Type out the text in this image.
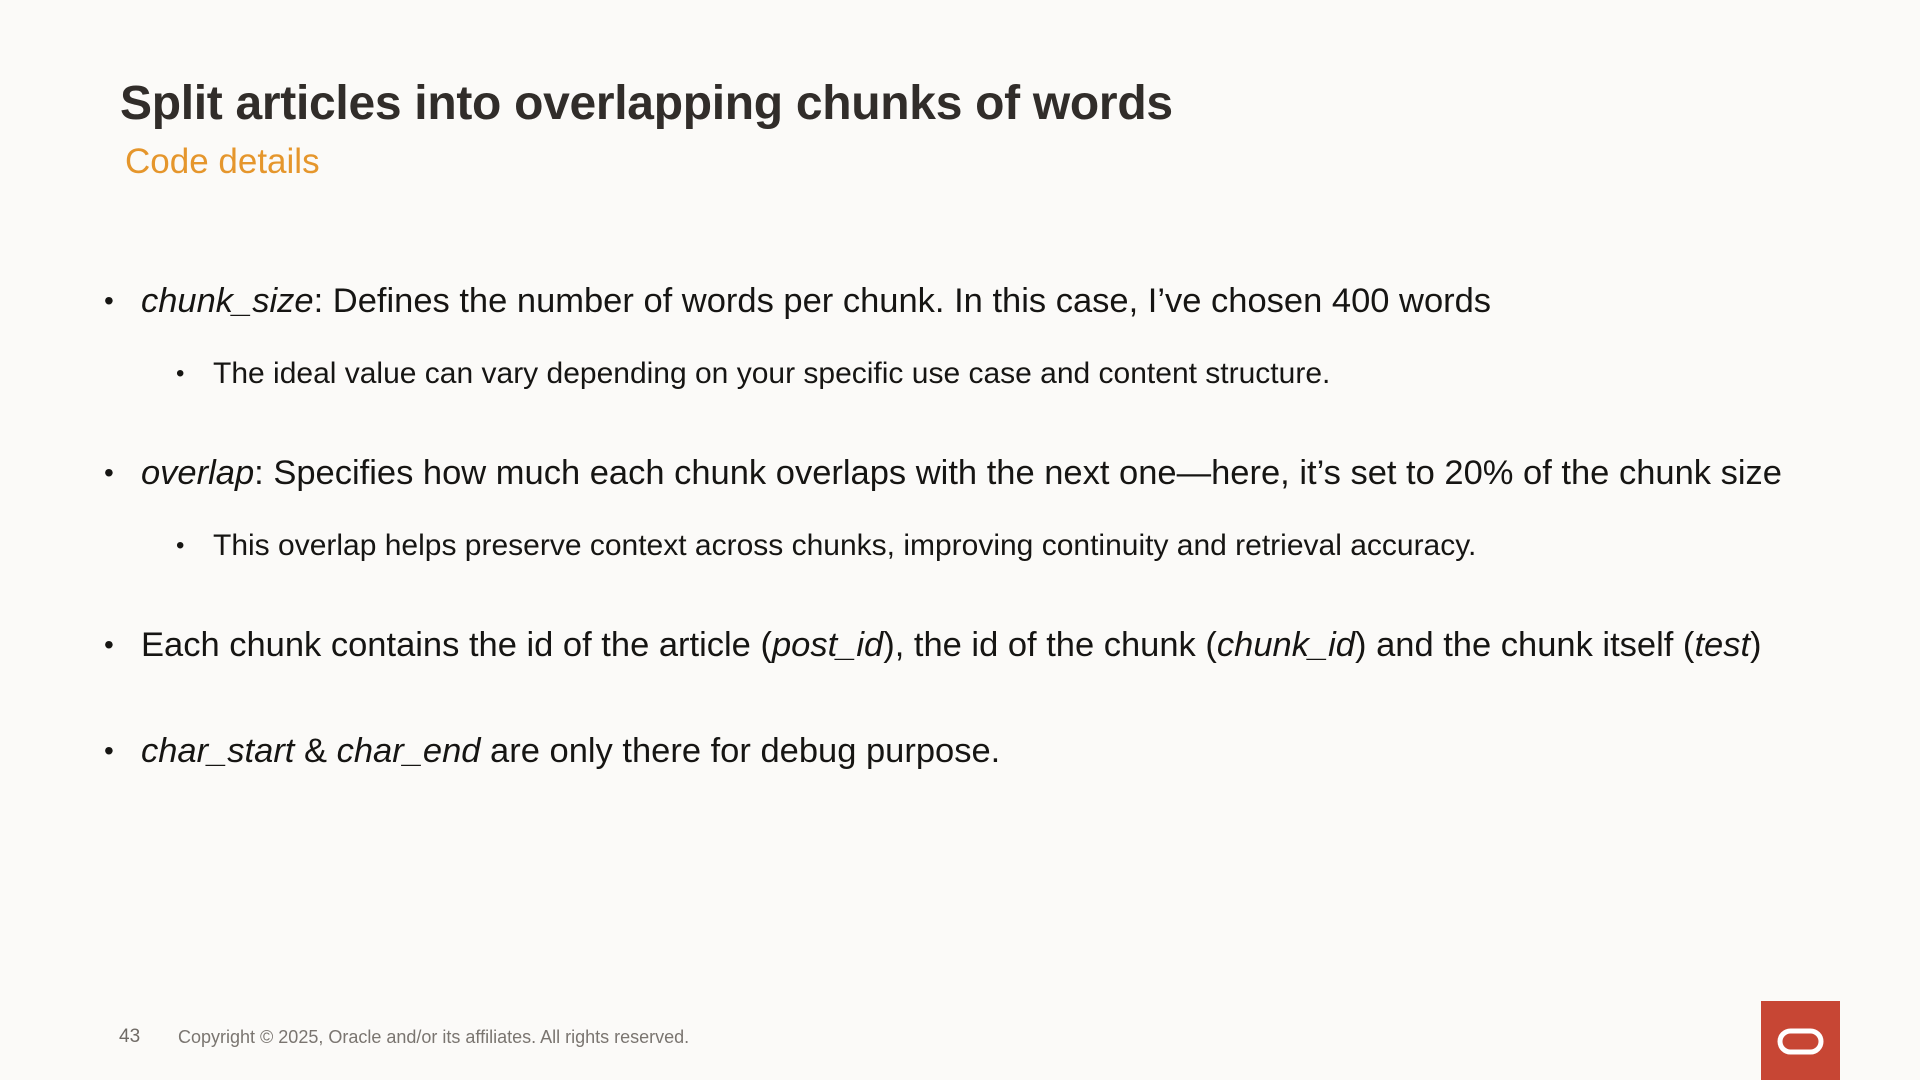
Split articles into overlapping chunks of words
Code details
• chunk_size: Defines the number of words per chunk. In this case, I’ve chosen 400 words
• The ideal value can vary depending on your specific use case and content structure.
• overlap: Specifies how much each chunk overlaps with the next one—here, it’s set to 20% of the chunk size
• This overlap helps preserve context across chunks, improving continuity and retrieval accuracy.
• Each chunk contains the id of the article (post_id), the id of the chunk (chunk_id) and the chunk itself (test)
• char_start & char_end are only there for debug purpose.
43 Copyright © 2025, Oracle and/or its affiliates. All rights reserved.
